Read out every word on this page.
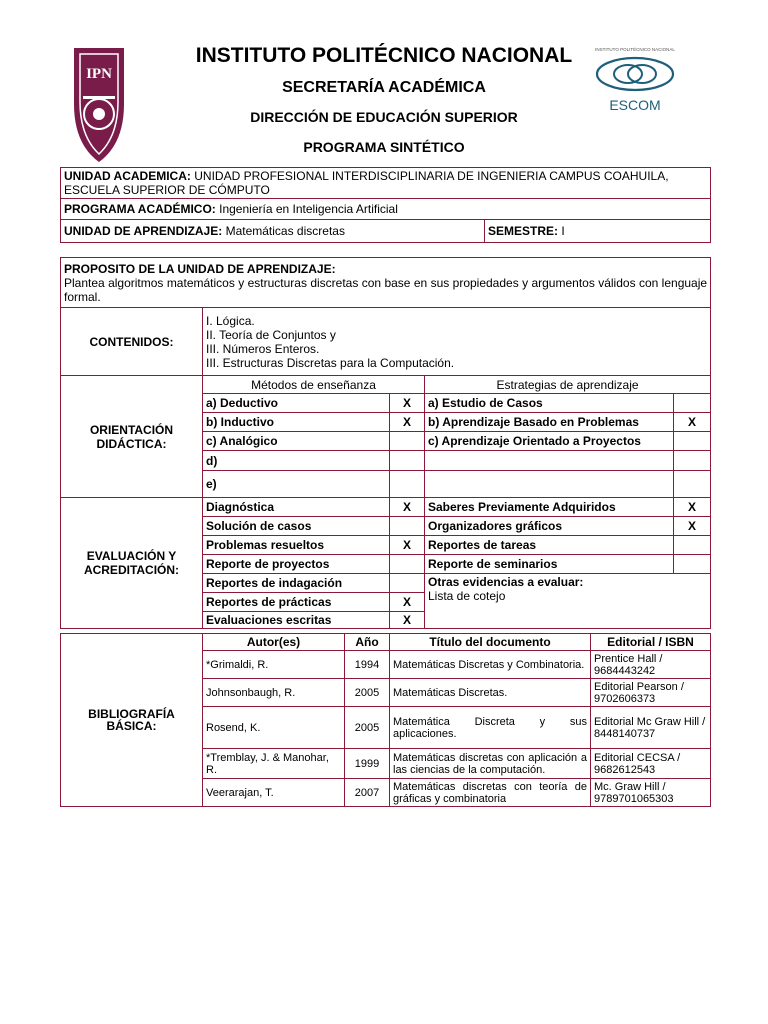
IPN
INSTITUTO POLITÉCNICO NACIONAL
SECRETARÍA ACADÉMICA
DIRECCIÓN DE EDUCACIÓN SUPERIOR
PROGRAMA SINTÉTICO
INSTITUTO POLITÉCNICO NACIONAL
ESCOM
UNIDAD ACADEMICA: UNIDAD PROFESIONAL INTERDISCIPLINARIA DE INGENIERIA CAMPUS COAHUILA, ESCUELA SUPERIOR DE CÓMPUTO
PROGRAMA ACADÉMICO: Ingeniería en Inteligencia Artificial
UNIDAD DE APRENDIZAJE: Matemáticas discretas	SEMESTRE: I
PROPOSITO DE LA UNIDAD DE APRENDIZAJE:
Plantea algoritmos matemáticos y estructuras discretas con base en sus propiedades y argumentos válidos con lenguaje formal.				

CONTENIDOS:	I. Lógica.
II. Teoría de Conjuntos y
III. Números Enteros.
III. Estructuras Discretas para la Computación.			

ORIENTACIÓN DIDÁCTICA:	Métodos de enseñanza		Estrategias de aprendizaje	
	a) Deductivo	X	a) Estudio de Casos	
	b) Inductivo	X	b) Aprendizaje Basado en Problemas	X
	c) Analógico		c) Aprendizaje Orientado a Proyectos	
	d)			
	e)			
EVALUACIÓN Y ACREDITACIÓN:	Diagnóstica	X	Saberes Previamente Adquiridos	X
	Solución de casos		Organizadores gráficos	X
	Problemas resueltos	X	Reportes de tareas	
	Reporte de proyectos		Reporte de seminarios	
	Reportes de indagación		Otras evidencias a evaluar:
Lista de cotejo	

	Reportes de prácticas	X		
	Evaluaciones escritas	X		
BIBLIOGRAFÍA BÁSICA:	Autor(es)	Año	Título del documento	Editorial / ISBN
	*Grimaldi, R.	1994	Matemáticas Discretas y Combinatoria.	Prentice Hall / 9684443242
	Johnsonbaugh, R.	2005	Matemáticas Discretas.	Editorial Pearson / 9702606373
	Rosend, K.	2005	Matemática Discreta y sus aplicaciones.	Editorial Mc Graw Hill / 8448140737
	*Tremblay, J. & Manohar, R.	1999	Matemáticas discretas con aplicación a las ciencias de la computación.	Editorial CECSA / 9682612543
	Veerarajan, T.	2007	Matemáticas discretas con teoría de gráficas y combinatoria	Mc. Graw Hill / 9789701065303
